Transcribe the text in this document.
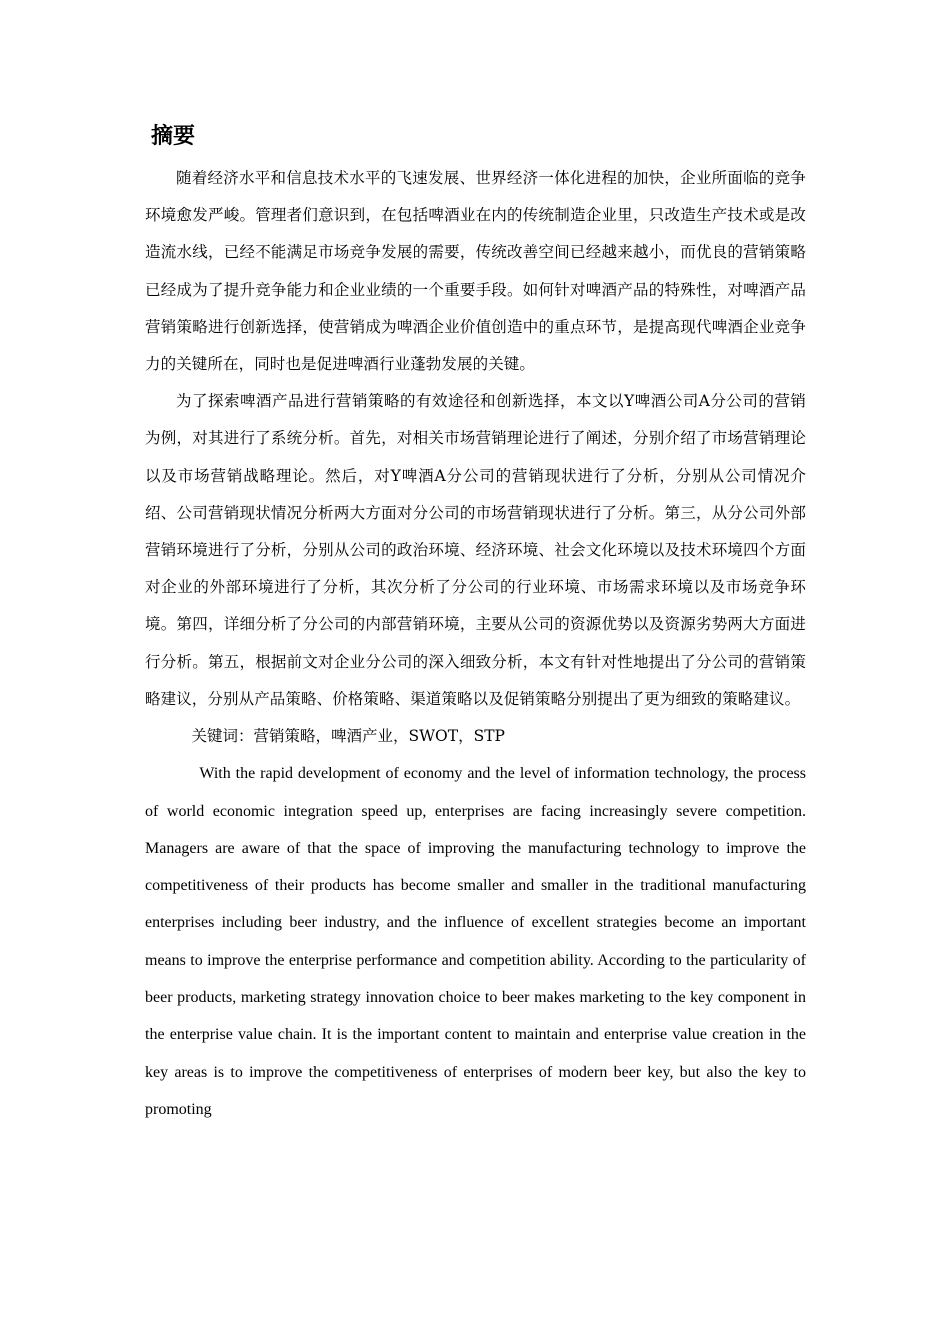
摘要

随着经济水平和信息技术水平的飞速发展、世界经济一体化进程的加快，企业所面临的竞争环境愈发严峻。管理者们意识到，在包括啤酒业在内的传统制造企业里，只改造生产技术或是改造流水线，已经不能满足市场竞争发展的需要，传统改善空间已经越来越小，而优良的营销策略已经成为了提升竞争能力和企业业绩的一个重要手段。如何针对啤酒产品的特殊性，对啤酒产品营销策略进行创新选择，使营销成为啤酒企业价值创造中的重点环节，是提高现代啤酒企业竞争力的关键所在，同时也是促进啤酒行业蓬勃发展的关键。

为了探索啤酒产品进行营销策略的有效途径和创新选择，本文以Y啤酒公司A分公司的营销为例，对其进行了系统分析。首先，对相关市场营销理论进行了阐述，分别介绍了市场营销理论以及市场营销战略理论。然后，对Y啤酒A分公司的营销现状进行了分析，分别从公司情况介绍、公司营销现状情况分析两大方面对分公司的市场营销现状进行了分析。第三，从分公司外部营销环境进行了分析，分别从公司的政治环境、经济环境、社会文化环境以及技术环境四个方面对企业的外部环境进行了分析，其次分析了分公司的行业环境、市场需求环境以及市场竞争环境。第四，详细分析了分公司的内部营销环境，主要从公司的资源优势以及资源劣势两大方面进行分析。第五，根据前文对企业分公司的深入细致分析，本文有针对性地提出了分公司的营销策略建议，分别从产品策略、价格策略、渠道策略以及促销策略分别提出了更为细致的策略建议。

关键词：营销策略，啤酒产业，SWOT，STP

With the rapid development of economy and the level of information technology, the process of world economic integration speed up, enterprises are facing increasingly severe competition. Managers are aware of that the space of improving the manufacturing technology to improve the competitiveness of their products has become smaller and smaller in the traditional manufacturing enterprises including beer industry, and the influence of excellent strategies become an important means to improve the enterprise performance and competition ability. According to the particularity of beer products, marketing strategy innovation choice to beer makes marketing to the key component in the enterprise value chain. It is the important content to maintain and enterprise value creation in the key areas is to improve the competitiveness of enterprises of modern beer key, but also the key to promoting
